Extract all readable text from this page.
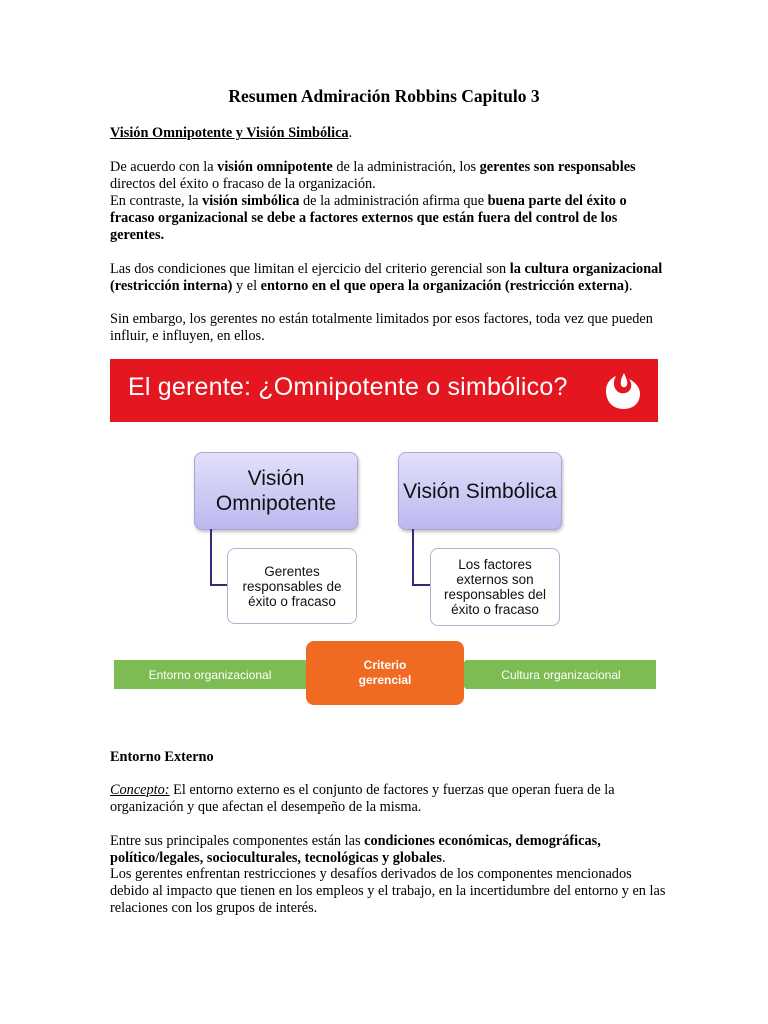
Resumen Admiración Robbins Capitulo 3
Visión Omnipotente y Visión Simbólica.
De acuerdo con la visión omnipotente de la administración, los gerentes son responsables directos del éxito o fracaso de la organización.
En contraste, la visión simbólica de la administración afirma que buena parte del éxito o fracaso organizacional se debe a factores externos que están fuera del control de los gerentes.
Las dos condiciones que limitan el ejercicio del criterio gerencial son la cultura organizacional (restricción interna) y el entorno en el que opera la organización (restricción externa).
Sin embargo, los gerentes no están totalmente limitados por esos factores, toda vez que pueden influir, e influyen, en ellos.
El gerente: ¿Omnipotente o simbólico?
Visión Omnipotente
Visión Simbólica
Gerentes responsables de éxito o fracaso
Los factores externos son responsables del éxito o fracaso
Entorno organizacional	Cultura organizacional
Criterio gerencial
Entorno Externo
Concepto: El entorno externo es el conjunto de factores y fuerzas que operan fuera de la organización y que afectan el desempeño de la misma.
Entre sus principales componentes están las condiciones económicas, demográficas, político/legales, socioculturales, tecnológicas y globales.
Los gerentes enfrentan restricciones y desafíos derivados de los componentes mencionados debido al impacto que tienen en los empleos y el trabajo, en la incertidumbre del entorno y en las relaciones con los grupos de interés.
